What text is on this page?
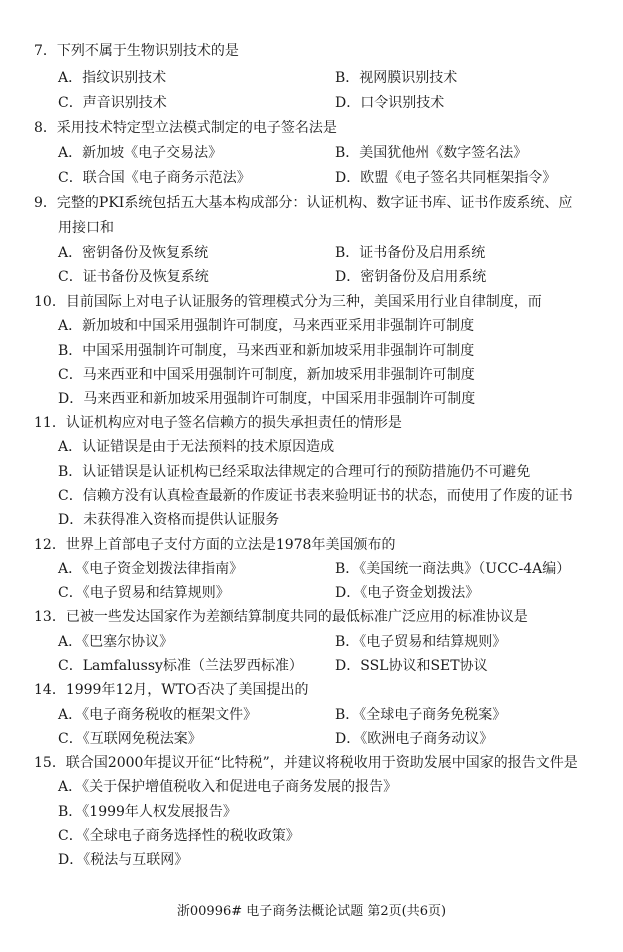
7．下列不属于生物识别技术的是
A．指纹识别技术	B．视网膜识别技术
C．声音识别技术	D．口令识别技术
8．采用技术特定型立法模式制定的电子签名法是
A．新加坡《电子交易法》	B．美国犹他州《数字签名法》
C．联合国《电子商务示范法》	D．欧盟《电子签名共同框架指令》
9．完整的PKI系统包括五大基本构成部分：认证机构、数字证书库、证书作废系统、应
用接口和
A．密钥备份及恢复系统	B．证书备份及启用系统
C．证书备份及恢复系统	D．密钥备份及启用系统
10．目前国际上对电子认证服务的管理模式分为三种，美国采用行业自律制度，而
A．新加坡和中国采用强制许可制度，马来西亚采用非强制许可制度
B．中国采用强制许可制度，马来西亚和新加坡采用非强制许可制度
C．马来西亚和中国采用强制许可制度，新加坡采用非强制许可制度
D．马来西亚和新加坡采用强制许可制度，中国采用非强制许可制度
11．认证机构应对电子签名信赖方的损失承担责任的情形是
A．认证错误是由于无法预料的技术原因造成
B．认证错误是认证机构已经采取法律规定的合理可行的预防措施仍不可避免
C．信赖方没有认真检查最新的作废证书表来验明证书的状态，而使用了作废的证书
D．未获得准入资格而提供认证服务
12．世界上首部电子支付方面的立法是1978年美国颁布的
A．《电子资金划拨法律指南》	B．《美国统一商法典》（UCC-4A编）
C．《电子贸易和结算规则》	D．《电子资金划拨法》
13．已被一些发达国家作为差额结算制度共同的最低标准广泛应用的标准协议是
A．《巴塞尔协议》	B．《电子贸易和结算规则》
C．Lamfalussy标准（兰法罗西标准） D．SSL协议和SET协议
14．1999年12月，WTO否决了美国提出的
A．《电子商务税收的框架文件》	B．《全球电子商务免税案》
C．《互联网免税法案》	D．《欧洲电子商务动议》
15．联合国2000年提议开征“比特税”，并建议将税收用于资助发展中国家的报告文件是
A．《关于保护增值税收入和促进电子商务发展的报告》
B．《1999年人权发展报告》
C．《全球电子商务选择性的税收政策》
D．《税法与互联网》
浙00996# 电子商务法概论试题 第2页(共6页)
